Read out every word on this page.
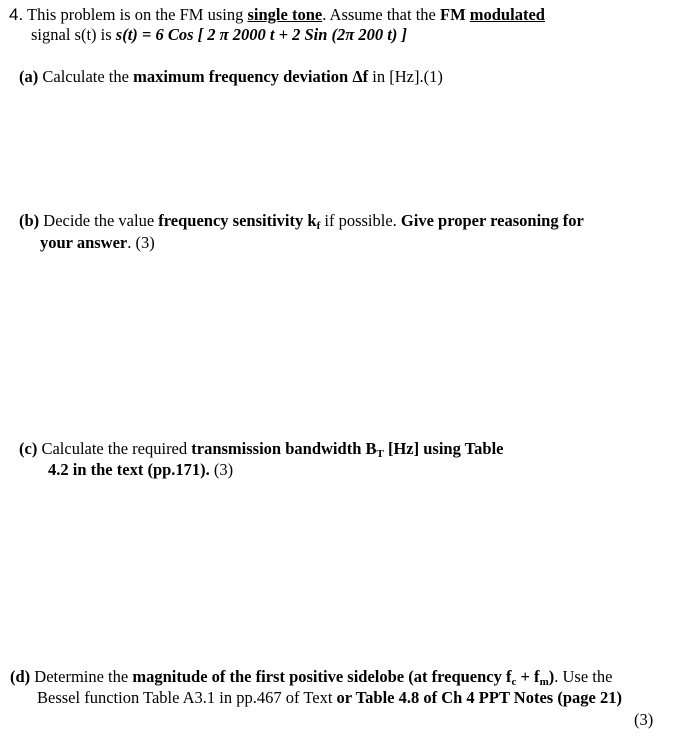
4. This problem is on the FM using single tone. Assume that the FM modulated
signal s(t) is s(t) = 6 Cos [ 2 π 2000 t + 2 Sin (2π 200 t) ]
(a) Calculate the maximum frequency deviation Δf in [Hz].(1)
(b) Decide the value frequency sensitivity $k_f$ if possible. Give proper reasoning for
your answer. (3)
(c) Calculate the required transmission bandwidth $B_T$ [Hz] using Table
4.2 in the text (pp.171). (3)
(d) Determine the magnitude of the first positive sidelobe (at frequency $f_c + f_m$). Use the
Bessel function Table A3.1 in pp.467 of Text or Table 4.8 of Ch 4 PPT Notes (page 21)
(3)
